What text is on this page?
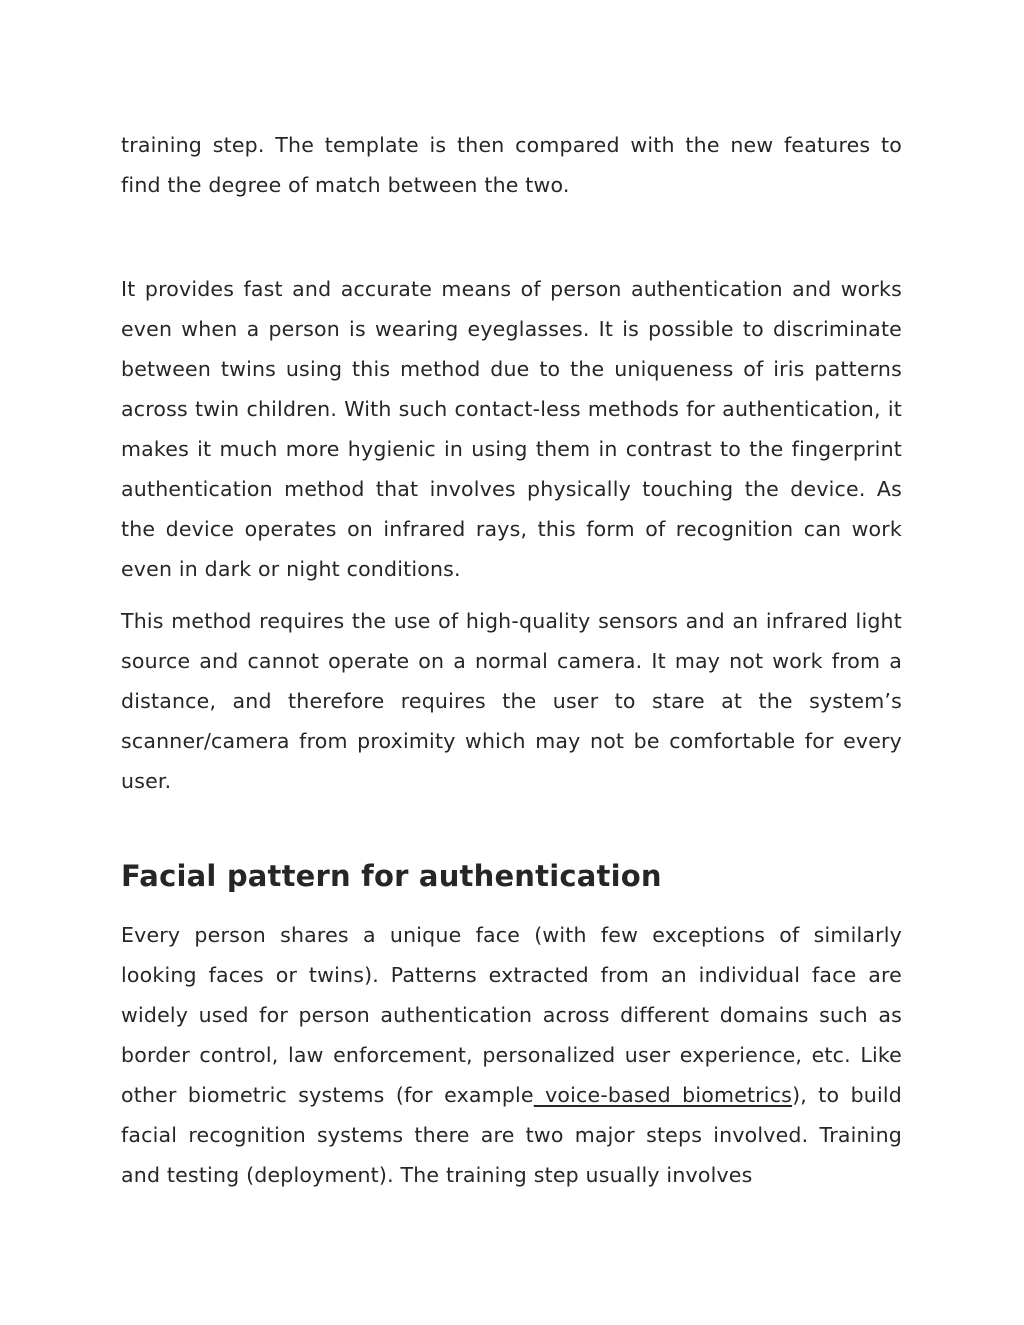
training step. The template is then compared with the new features to find the degree of match between the two.

It provides fast and accurate means of person authentication and works even when a person is wearing eyeglasses. It is possible to discriminate between twins using this method due to the uniqueness of iris patterns across twin children. With such contact-less methods for authentication, it makes it much more hygienic in using them in contrast to the fingerprint authentication method that involves physically touching the device. As the device operates on infrared rays, this form of recognition can work even in dark or night conditions.

This method requires the use of high-quality sensors and an infrared light source and cannot operate on a normal camera. It may not work from a distance, and therefore requires the user to stare at the system’s scanner/camera from proximity which may not be comfortable for every user.

Facial pattern for authentication

Every person shares a unique face (with few exceptions of similarly looking faces or twins). Patterns extracted from an individual face are widely used for person authentication across different domains such as border control, law enforcement, personalized user experience, etc. Like other biometric systems (for example voice-based biometrics), to build facial recognition systems there are two major steps involved. Training and testing (deployment). The training step usually involves
